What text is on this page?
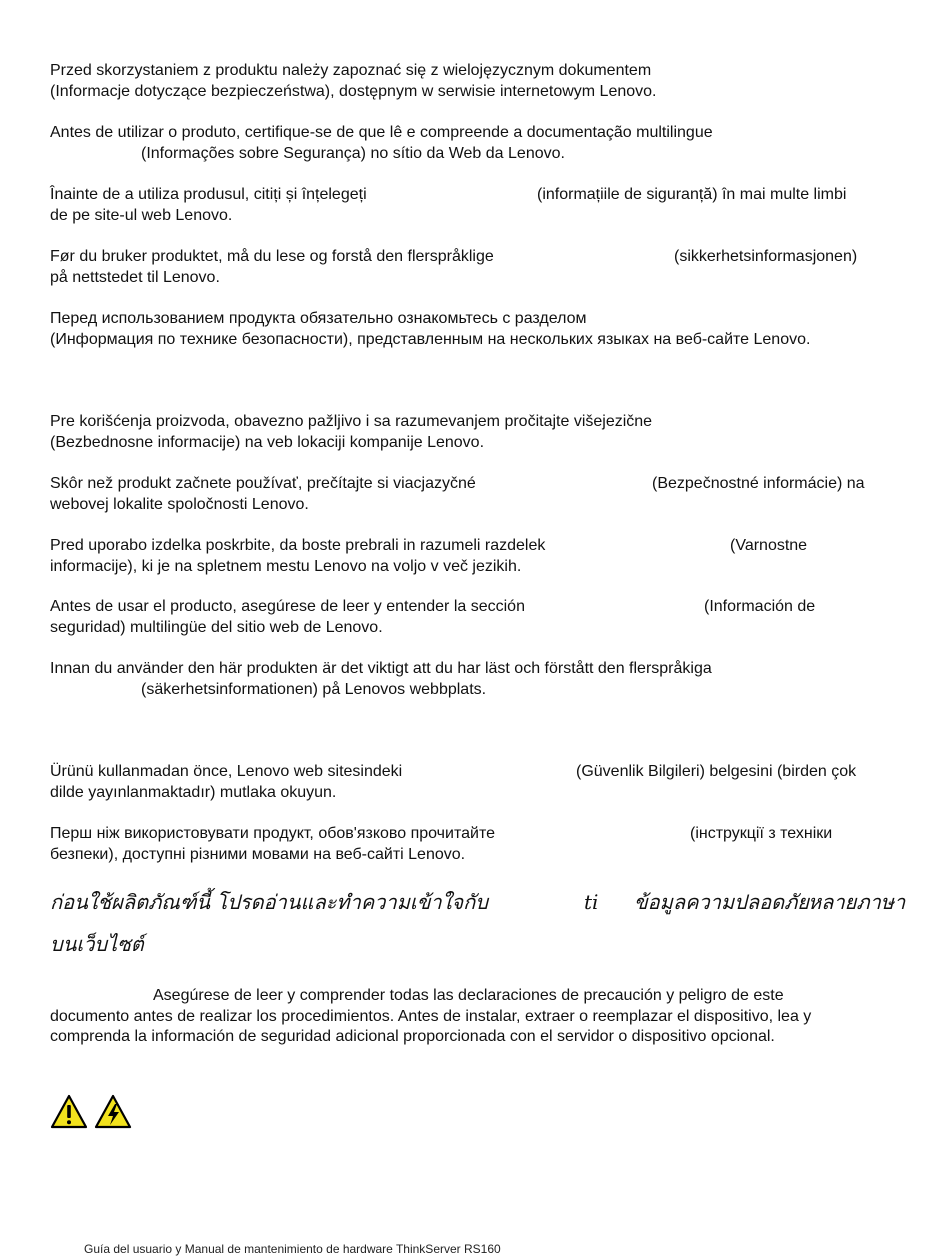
Przed skorzystaniem z produktu należy zapoznać się z wielojęzycznym dokumentem
(Informacje dotyczące bezpieczeństwa), dostępnym w serwisie internetowym Lenovo.
Antes de utilizar o produto, certifique-se de que lê e compreende a documentação multilingue
(Informações sobre Segurança) no sítio da Web da Lenovo.
Înainte de a utiliza produsul, citiți și înțelegeți	(informațiile de siguranță) în mai multe limbi
de pe site-ul web Lenovo.
Før du bruker produktet, må du lese og forstå den flerspråklige	(sikkerhetsinformasjonen)
på nettstedet til Lenovo.
Перед использованием продукта обязательно ознакомьтесь с разделом
(Информация по технике безопасности), представленным на нескольких языках на веб-сайте Lenovo.
Pre korišćenja proizvoda, obavezno pažljivo i sa razumevanjem pročitajte višejezične
(Bezbednosne informacije) na veb lokaciji kompanije Lenovo.
Skôr než produkt začnete používať, prečítajte si viacjazyčné	(Bezpečnostné informácie) na
webovej lokalite spoločnosti Lenovo.
Pred uporabo izdelka poskrbite, da boste prebrali in razumeli razdelek	(Varnostne
informacije), ki je na spletnem mestu Lenovo na voljo v več jezikih.
Antes de usar el producto, asegúrese de leer y entender la sección	(Información de
seguridad) multilingüe del sitio web de Lenovo.
Innan du använder den här produkten är det viktigt att du har läst och förstått den flerspråkiga
(säkerhetsinformationen) på Lenovos webbplats.
Ürünü kullanmadan önce, Lenovo web sitesindeki	(Güvenlik Bilgileri) belgesini (birden çok
dilde yayınlanmaktadır) mutlaka okuyun.
Перш ніж використовувати продукт, обов'язково прочитайте	(інструкції з техніки
безпеки), доступні різними мовами на веб-сайті Lenovo.
ก่อนใช้ผลิตภัณฑ์นี้ โปรดอ่านและทำความเข้าใจกับ	ti ข้อมูลความปลอดภัย หลายภาษา
บนเว็บไซต์
Asegúrese de leer y comprender todas las declaraciones de precaución y peligro de este
documento antes de realizar los procedimientos. Antes de instalar, extraer o reemplazar el dispositivo, lea y
comprenda la información de seguridad adicional proporcionada con el servidor o dispositivo opcional.
Guía del usuario y Manual de mantenimiento de hardware ThinkServer RS160
